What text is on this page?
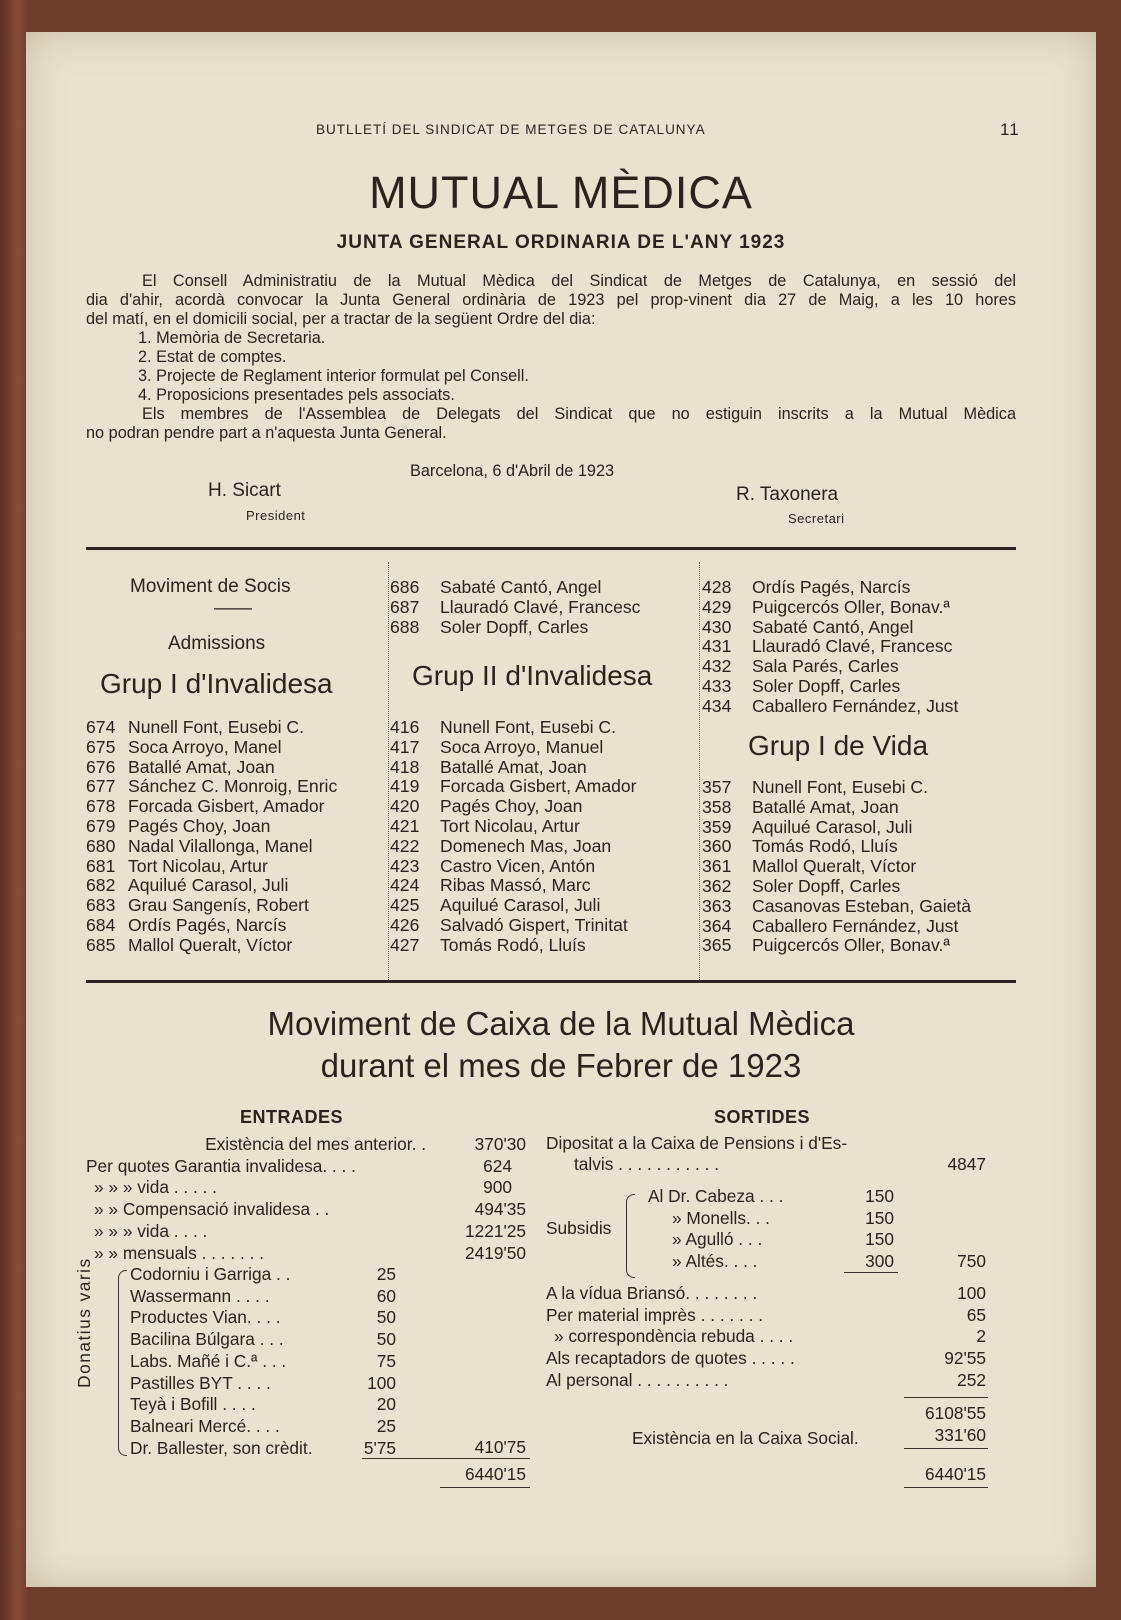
BUTLLETÍ DEL SINDICAT DE METGES DE CATALUNYA	11
MUTUAL MÈDICA
JUNTA GENERAL ORDINARIA DE L'ANY 1923
El Consell Administratiu de la Mutual Mèdica del Sindicat de Metges de Catalunya, en sessió del
dia d'ahir, acordà convocar la Junta General ordinària de 1923 pel prop-vinent dia 27 de Maig, a les 10 hores
del matí, en el domicili social, per a tractar de la següent Ordre del dia:
1. Memòria de Secretaria.
2. Estat de comptes.
3. Projecte de Reglament interior formulat pel Consell.
4. Proposicions presentades pels associats.
Els membres de l'Assemblea de Delegats del Sindicat que no estiguin inscrits a la Mutual Mèdica
no podran pendre part a n'aquesta Junta General.
Barcelona, 6 d'Abril de 1923
H. Sicart
President
R. Taxonera
Secretari
Moviment de Socis
——
Admissions
Grup I d'Invalidesa
674 Nunell Font, Eusebi C.
675 Soca Arroyo, Manel
676 Batallé Amat, Joan
677 Sánchez C. Monroig, Enric
678 Forcada Gisbert, Amador
679 Pagés Choy, Joan
680 Nadal Vilallonga, Manel
681 Tort Nicolau, Artur
682 Aquilué Carasol, Juli
683 Grau Sangenís, Robert
684 Ordís Pagés, Narcís
685 Mallol Queralt, Víctor
686 Sabaté Cantó, Angel
687 Llauradó Clavé, Francesc
688 Soler Dopff, Carles
Grup II d'Invalidesa
416 Nunell Font, Eusebi C.
417 Soca Arroyo, Manuel
418 Batallé Amat, Joan
419 Forcada Gisbert, Amador
420 Pagés Choy, Joan
421 Tort Nicolau, Artur
422 Domenech Mas, Joan
423 Castro Vicen, Antón
424 Ribas Massó, Marc
425 Aquilué Carasol, Juli
426 Salvadó Gispert, Trinitat
427 Tomás Rodó, Lluís
428 Ordís Pagés, Narcís
429 Puigcercós Oller, Bonav.ª
430 Sabaté Cantó, Angel
431 Llauradó Clavé, Francesc
432 Sala Parés, Carles
433 Soler Dopff, Carles
434 Caballero Fernández, Just
Grup I de Vida
357 Nunell Font, Eusebi C.
358 Batallé Amat, Joan
359 Aquilué Carasol, Juli
360 Tomás Rodó, Lluís
361 Mallol Queralt, Víctor
362 Soler Dopff, Carles
363 Casanovas Esteban, Gaietà
364 Caballero Fernández, Just
365 Puigcercós Oller, Bonav.ª
Moviment de Caixa de la Mutual Mèdica
durant el mes de Febrer de 1923
ENTRADES	SORTIDES
Existència del mes anterior. .	370'30
Per quotes Garantia invalidesa. . . .	624
» » » vida . . . . .	900
» » Compensació invalidesa . .	494'35
» » » vida . . . .	1221'25
» » mensuals . . . . . . .	2419'50
Donatius varis Codorniu i Garriga . .	25
Wassermann . . . .	60
Productes Vian. . . .	50
Bacilina Búlgara . . .	50
Labs. Mañé i C.ª . . .	75
Pastilles BYT . . . .	100
Teyà i Bofill . . . .	20
Balneari Mercé. . . .	25
Dr. Ballester, son crèdit.	5'75	410'75
6440'15
Dipositat a la Caixa de Pensions i d'Es-
talvis . . . . . . . . . . .	4847
Subsidis
Al Dr. Cabeza . . .	150
» Monells. . .	150
» Agulló . . .	150
» Altés. . . .	300	750
A la vídua Briansó. . . . . . . .	100
Per material imprès . . . . . . .	65
» correspondència rebuda . . . .	2
Als recaptadors de quotes . . . . .	92'55
Al personal . . . . . . . . . .	252
6108'55
Existència en la Caixa Social.	331'60
6440'15
